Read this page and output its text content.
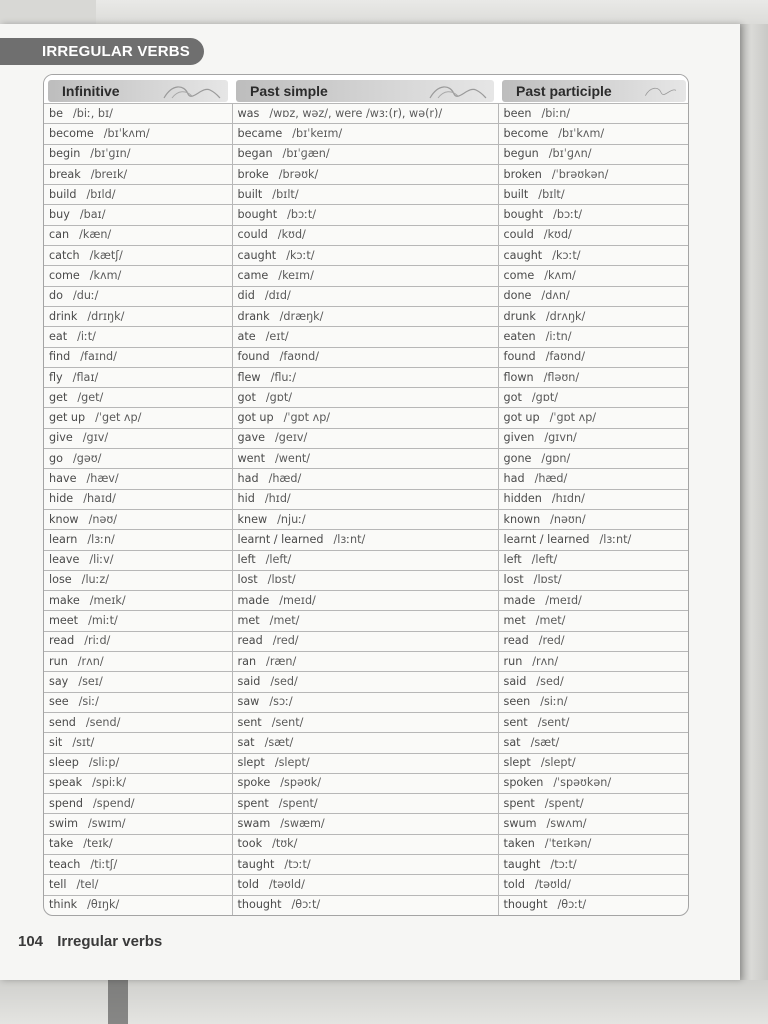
IRREGULAR VERBS
Infinitive	Past simple	Past participle

be /biː, bɪ/	was /wɒz, wəz/, were /wɜː(r), wə(r)/	been /biːn/
become /bɪˈkʌm/	became /bɪˈkeɪm/	become /bɪˈkʌm/
begin /bɪˈɡɪn/	began /bɪˈɡæn/	begun /bɪˈɡʌn/
break /breɪk/	broke /brəʊk/	broken /ˈbrəʊkən/
build /bɪld/	built /bɪlt/	built /bɪlt/
buy /baɪ/	bought /bɔːt/	bought /bɔːt/
can /kæn/	could /kʊd/	could /kʊd/
catch /kætʃ/	caught /kɔːt/	caught /kɔːt/
come /kʌm/	came /keɪm/	come /kʌm/
do /duː/	did /dɪd/	done /dʌn/
drink /drɪŋk/	drank /dræŋk/	drunk /drʌŋk/
eat /iːt/	ate /eɪt/	eaten /iːtn/
find /faɪnd/	found /faʊnd/	found /faʊnd/
fly /flaɪ/	flew /fluː/	flown /fləʊn/
get /get/	got /gɒt/	got /gɒt/
get up /ˈget ʌp/	got up /ˈgɒt ʌp/	got up /ˈgɒt ʌp/
give /gɪv/	gave /geɪv/	given /gɪvn/
go /gəʊ/	went /went/	gone /gɒn/
have /hæv/	had /hæd/	had /hæd/
hide /haɪd/	hid /hɪd/	hidden /hɪdn/
know /nəʊ/	knew /njuː/	known /nəʊn/
learn /lɜːn/	learnt / learned /lɜːnt/	learnt / learned /lɜːnt/
leave /liːv/	left /left/	left /left/
lose /luːz/	lost /lɒst/	lost /lɒst/
make /meɪk/	made /meɪd/	made /meɪd/
meet /miːt/	met /met/	met /met/
read /riːd/	read /red/	read /red/
run /rʌn/	ran /ræn/	run /rʌn/
say /seɪ/	said /sed/	said /sed/
see /siː/	saw /sɔː/	seen /siːn/
send /send/	sent /sent/	sent /sent/
sit /sɪt/	sat /sæt/	sat /sæt/
sleep /sliːp/	slept /slept/	slept /slept/
speak /spiːk/	spoke /spəʊk/	spoken /ˈspəʊkən/
spend /spend/	spent /spent/	spent /spent/
swim /swɪm/	swam /swæm/	swum /swʌm/
take /teɪk/	took /tʊk/	taken /ˈteɪkən/
teach /tiːtʃ/	taught /tɔːt/	taught /tɔːt/
tell /tel/	told /təʊld/	told /təʊld/
think /θɪŋk/	thought /θɔːt/	thought /θɔːt/

104 Irregular verbs
